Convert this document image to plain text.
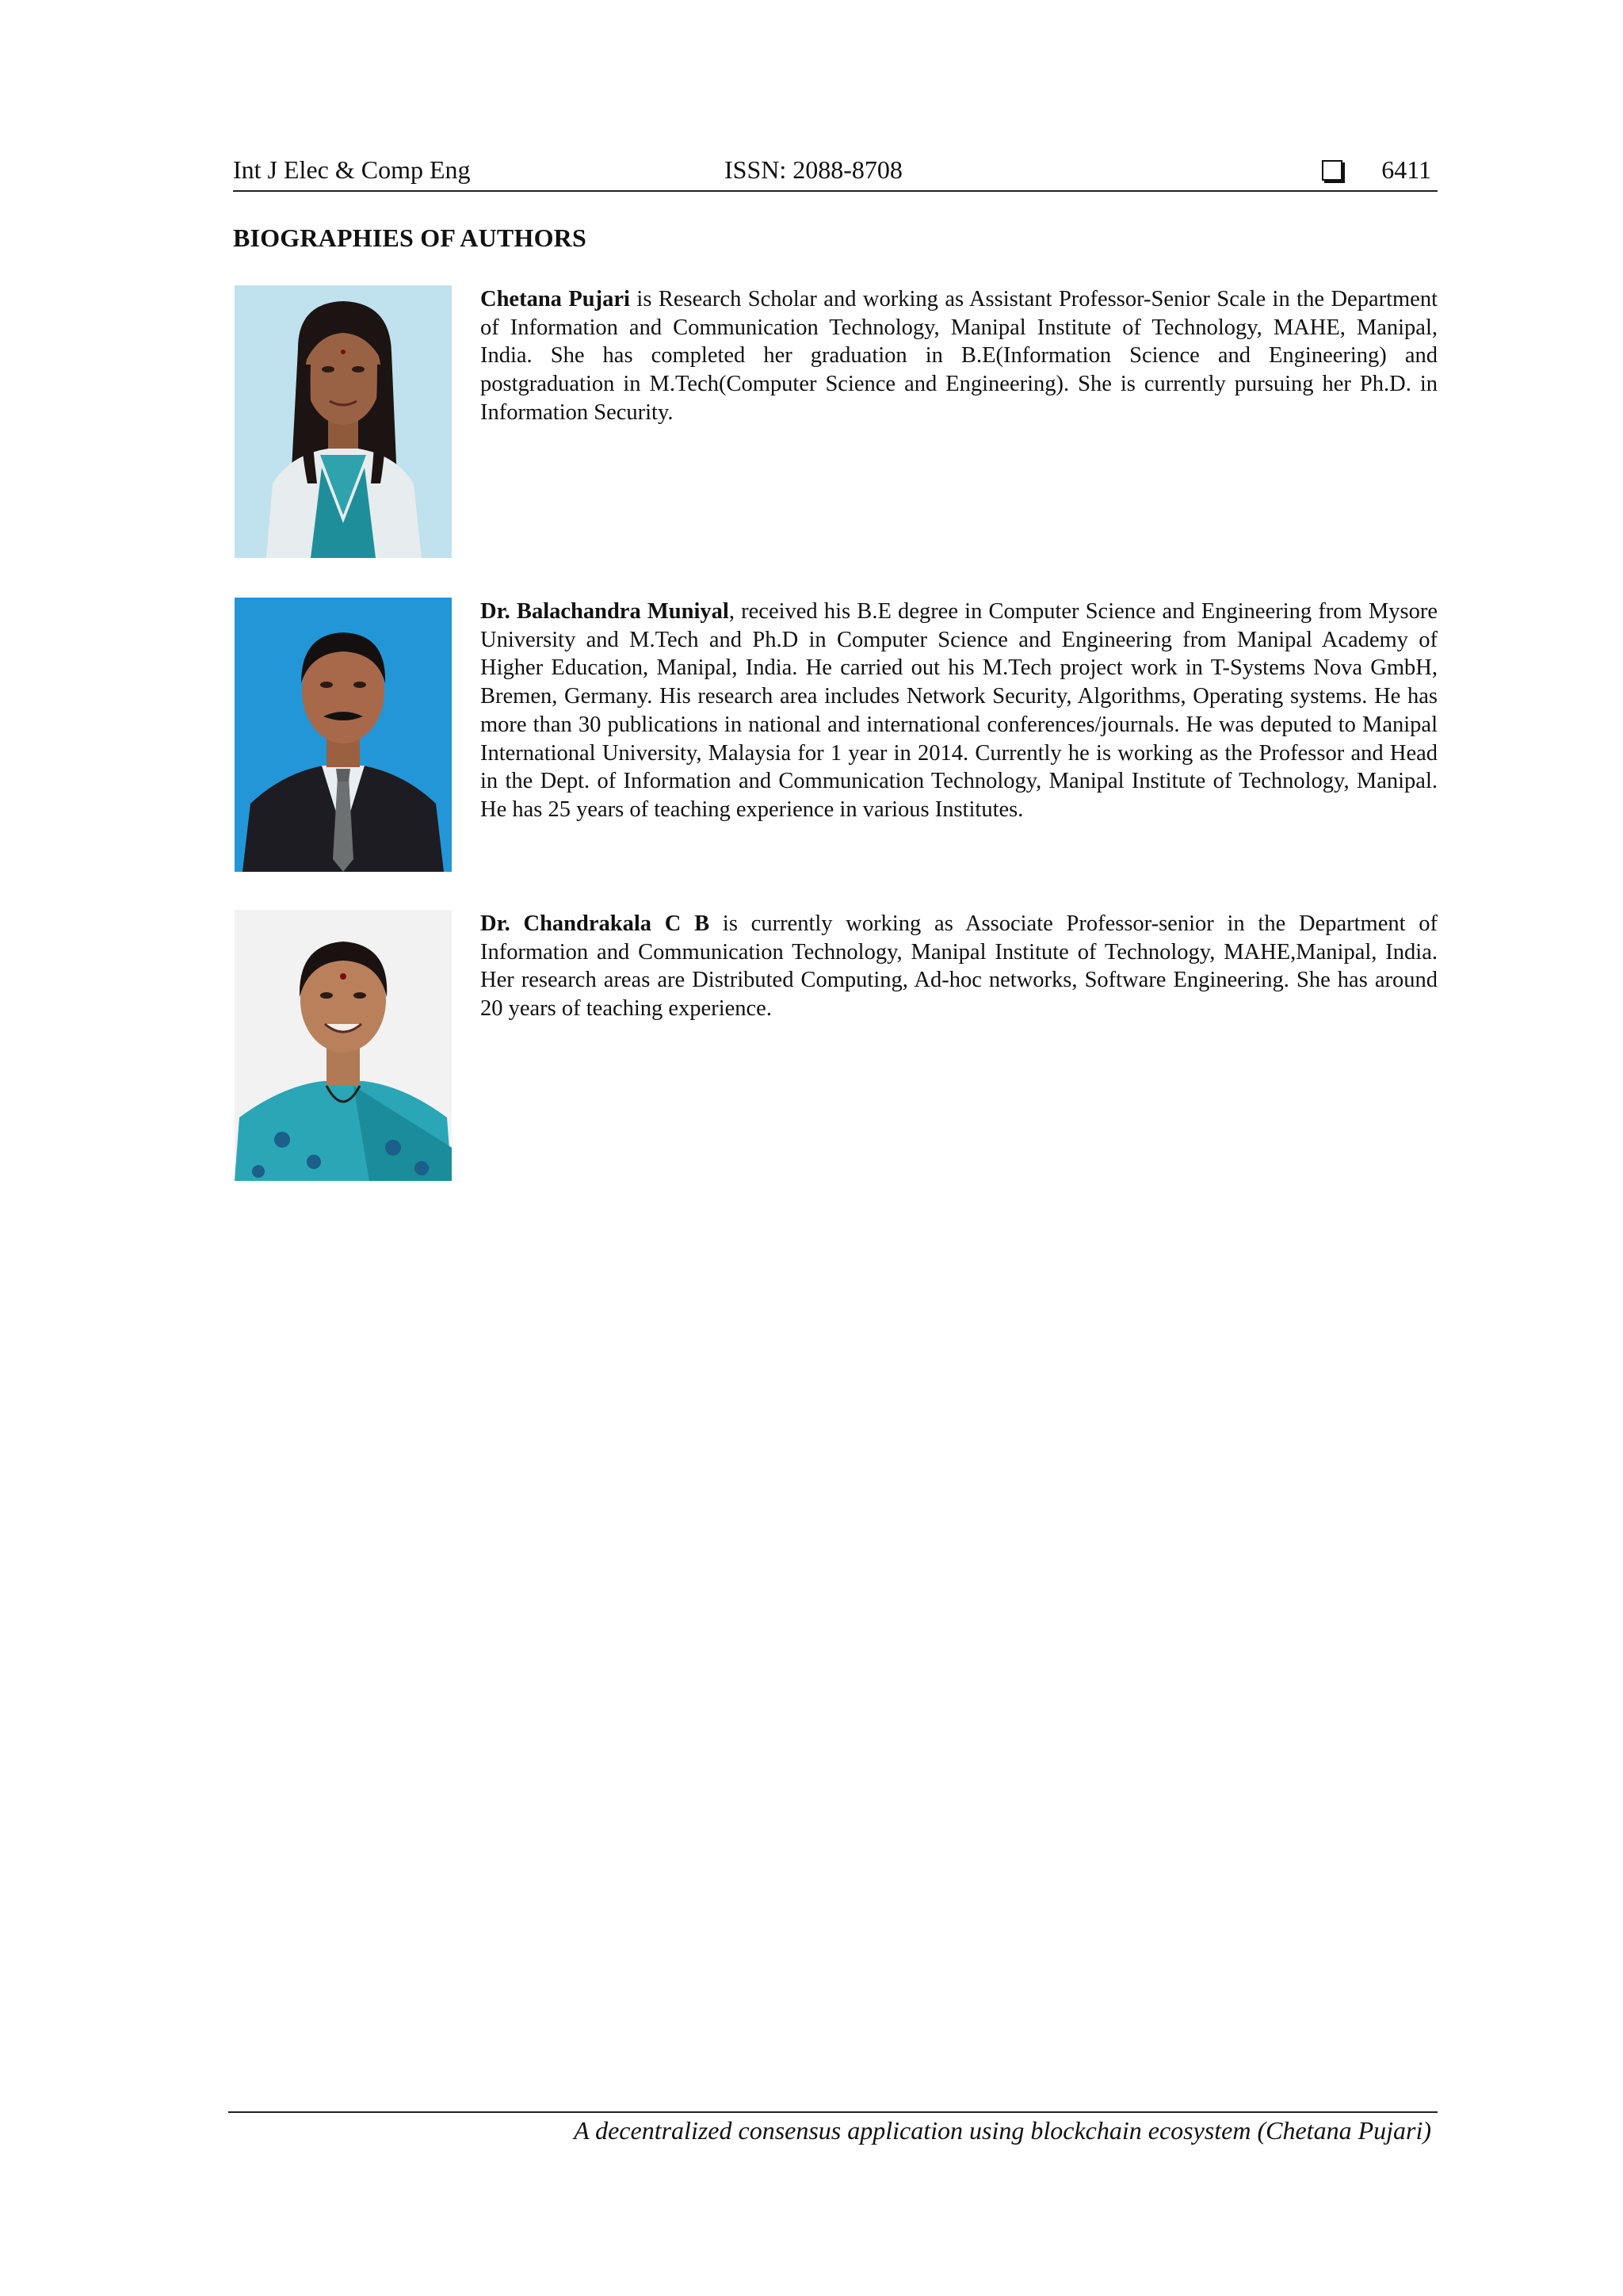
Int J Elec & Comp Eng	ISSN: 2088-8708	6411
BIOGRAPHIES OF AUTHORS
Chetana Pujari is Research Scholar and working as Assistant Professor-Senior Scale in the Department of Information and Communication Technology, Manipal Institute of Technology, MAHE, Manipal, India. She has completed her graduation in B.E(Information Science and Engineering) and postgraduation in M.Tech(Computer Science and Engineering). She is currently pursuing her Ph.D. in Information Security.
Dr. Balachandra Muniyal, received his B.E degree in Computer Science and Engineering from Mysore University and M.Tech and Ph.D in Computer Science and Engineering from Manipal Academy of Higher Education, Manipal, India. He carried out his M.Tech project work in T-Systems Nova GmbH, Bremen, Germany. His research area includes Network Security, Algorithms, Operating systems. He has more than 30 publications in national and international conferences/journals. He was deputed to Manipal International University, Malaysia for 1 year in 2014. Currently he is working as the Professor and Head in the Dept. of Information and Communication Technology, Manipal Institute of Technology, Manipal. He has 25 years of teaching experience in various Institutes.
Dr. Chandrakala C B is currently working as Associate Professor-senior in the Department of Information and Communication Technology, Manipal Institute of Technology, MAHE,Manipal, India. Her research areas are Distributed Computing, Ad-hoc networks, Software Engineering. She has around 20 years of teaching experience.
A decentralized consensus application using blockchain ecosystem (Chetana Pujari)
